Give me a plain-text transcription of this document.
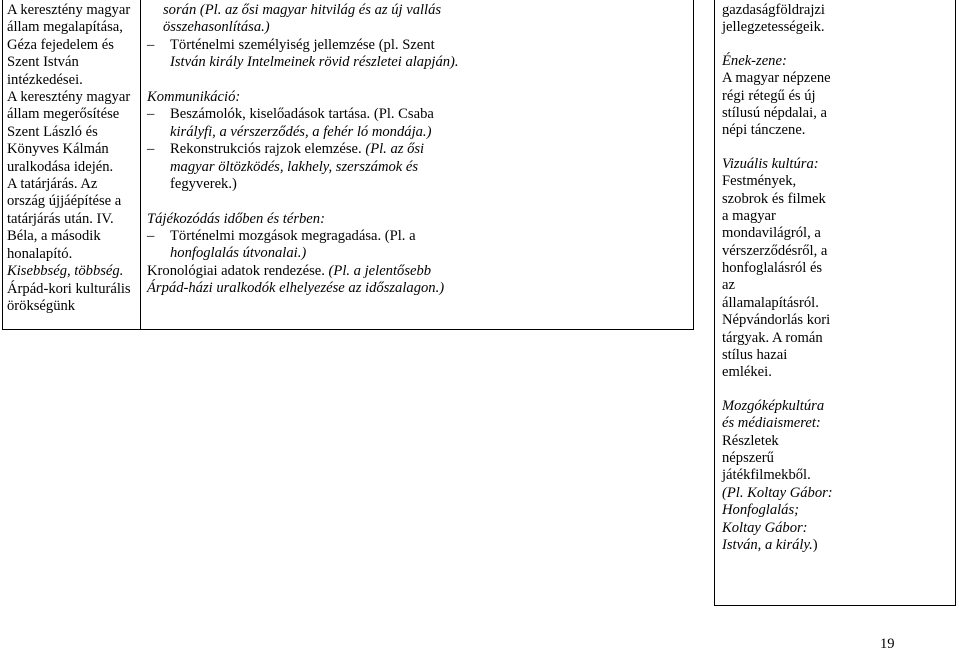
A keresztény magyar
állam megalapítása,
Géza fejedelem és
Szent István
intézkedései.
A keresztény magyar
állam megerősítése
Szent László és
Könyves Kálmán
uralkodása idején.
A tatárjárás. Az
ország újjáépítése a
tatárjárás után. IV.
Béla, a második
honalapító.
Kisebbség, többség.
Árpád-kori kulturális
örökségünk
során (Pl. az ősi magyar hitvilág és az új vallás
összehasonlítása.)
– Történelmi személyiség jellemzése (pl. Szent
István király Intelmeinek rövid részletei alapján).
Kommunikáció:
– Beszámolók, kiselőadások tartása. (Pl. Csaba
királyfi, a vérszerződés, a fehér ló mondája.)
– Rekonstrukciós rajzok elemzése. (Pl. az ősi
magyar öltözködés, lakhely, szerszámok és
fegyverek.)
Tájékozódás időben és térben:
– Történelmi mozgások megragadása. (Pl. a
honfoglalás útvonalai.)
Kronológiai adatok rendezése. (Pl. a jelentősebb
Árpád-házi uralkodók elhelyezése az időszalagon.)
gazdaságföldrajzi
jellegzetességeik.
Ének-zene:
A magyar népzene
régi rétegű és új
stílusú népdalai, a
népi tánczene.
Vizuális kultúra:
Festmények,
szobrok és filmek
a magyar
mondavilágról, a
vérszerződésről, a
honfoglalásról és
az
államalapításról.
Népvándorlás kori
tárgyak. A román
stílus hazai
emlékei.
Mozgóképkultúra
és médiaismeret:
Részletek
népszerű
játékfilmekből.
(Pl. Koltay Gábor:
Honfoglalás;
Koltay Gábor:
István, a király.)
19
